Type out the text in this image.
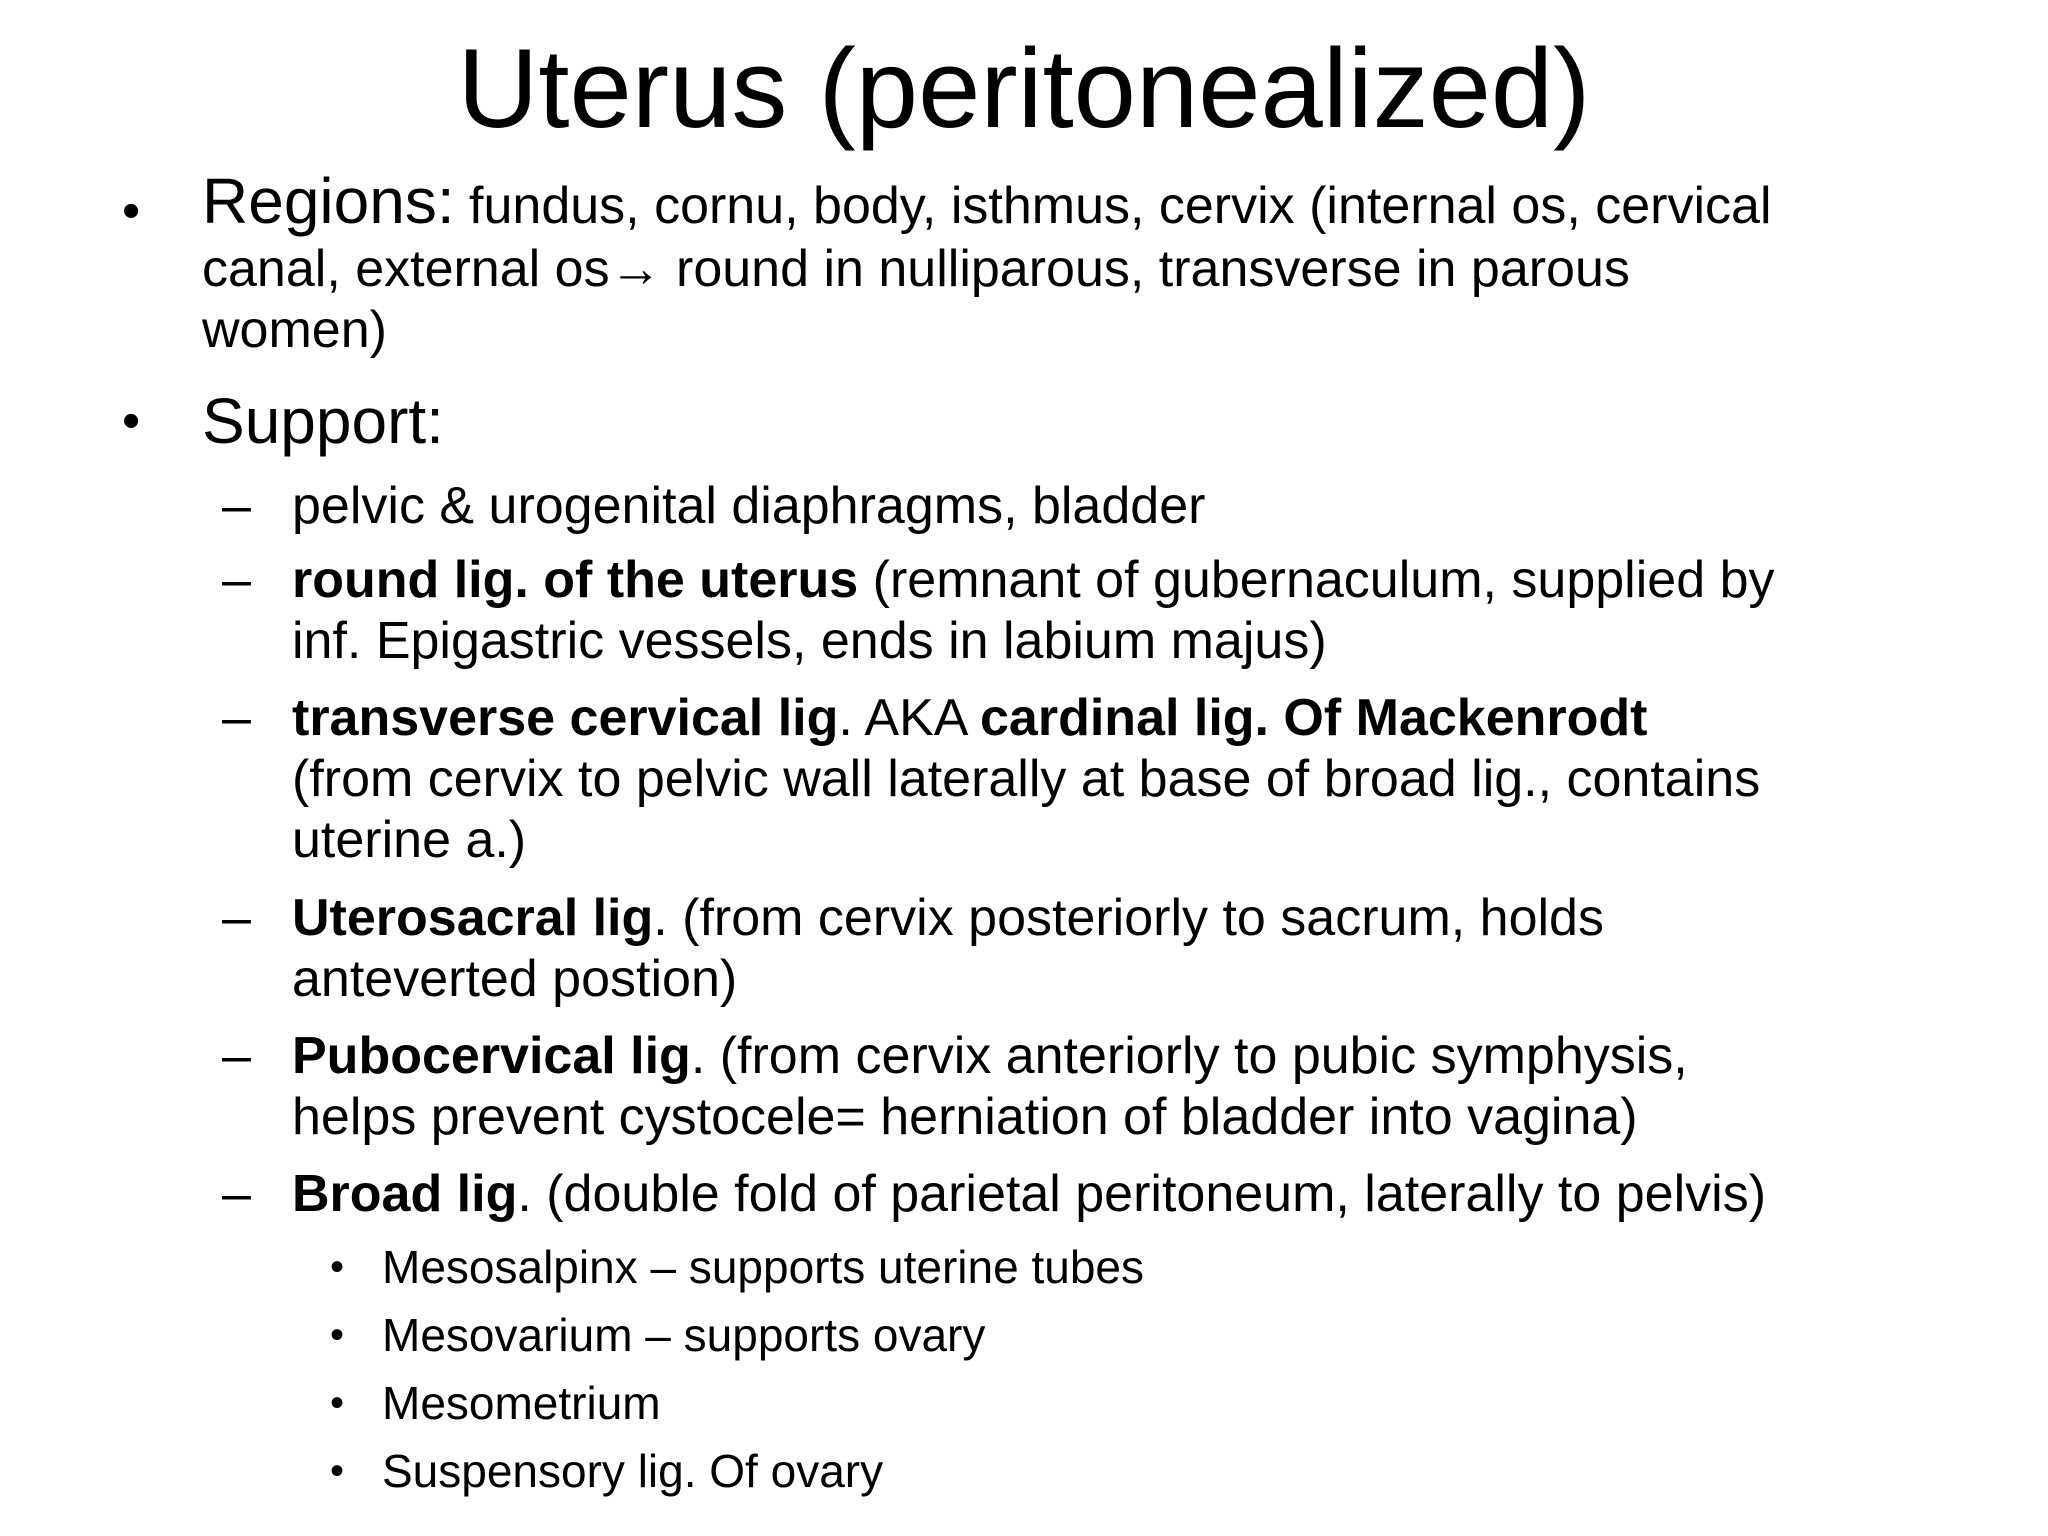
Uterus (peritonealized)
• Regions: fundus, cornu, body, isthmus, cervix (internal os, cervical
canal, external os→ round in nulliparous, transverse in parous
women)
• Support:
– pelvic & urogenital diaphragms, bladder
– round lig. of the uterus (remnant of gubernaculum, supplied by
inf. Epigastric vessels, ends in labium majus)
– transverse cervical lig. AKA cardinal lig. Of Mackenrodt
(from cervix to pelvic wall laterally at base of broad lig., contains
uterine a.)
– Uterosacral lig. (from cervix posteriorly to sacrum, holds
anteverted postion)
– Pubocervical lig. (from cervix anteriorly to pubic symphysis,
helps prevent cystocele= herniation of bladder into vagina)
– Broad lig. (double fold of parietal peritoneum, laterally to pelvis)
• Mesosalpinx – supports uterine tubes
• Mesovarium – supports ovary
• Mesometrium
• Suspensory lig. Of ovary
